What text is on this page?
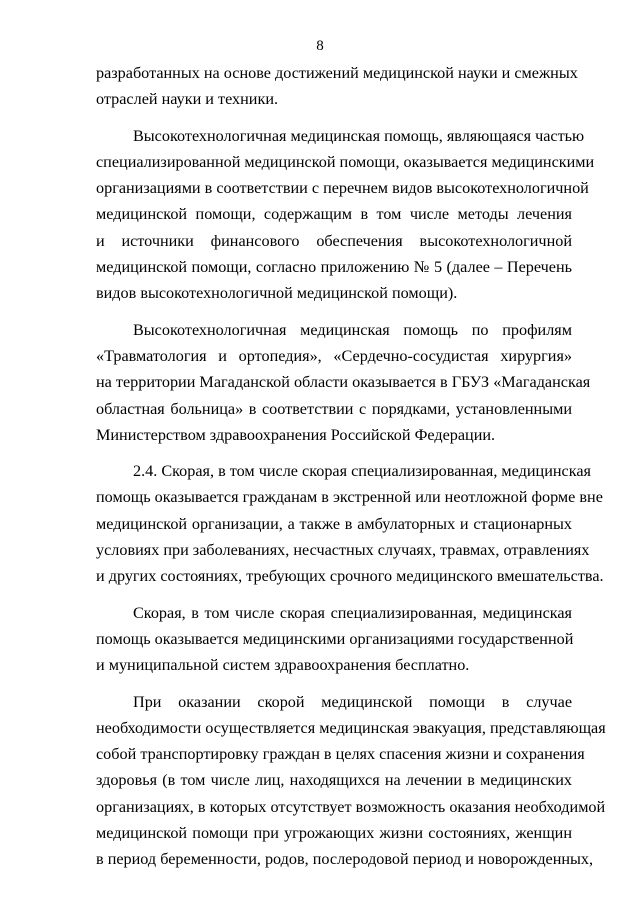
8
разработанных на основе достижений медицинской науки и смежных
отраслей науки и техники.
Высокотехнологичная медицинская помощь, являющаяся частью
специализированной медицинской помощи, оказывается медицинскими
организациями в соответствии с перечнем видов высокотехнологичной
медицинской помощи, содержащим в том числе методы лечения
и источники финансового обеспечения высокотехнологичной
медицинской помощи, согласно приложению № 5 (далее – Перечень
видов высокотехнологичной медицинской помощи).
Высокотехнологичная медицинская помощь по профилям
«Травматология и ортопедия», «Сердечно-сосудистая хирургия»
на территории Магаданской области оказывается в ГБУЗ «Магаданская
областная больница» в соответствии с порядками, установленными
Министерством здравоохранения Российской Федерации.
2.4. Скорая, в том числе скорая специализированная, медицинская
помощь оказывается гражданам в экстренной или неотложной форме вне
медицинской организации, а также в амбулаторных и стационарных
условиях при заболеваниях, несчастных случаях, травмах, отравлениях
и других состояниях, требующих срочного медицинского вмешательства.
Скорая, в том числе скорая специализированная, медицинская
помощь оказывается медицинскими организациями государственной
и муниципальной систем здравоохранения бесплатно.
При оказании скорой медицинской помощи в случае
необходимости осуществляется медицинская эвакуация, представляющая
собой транспортировку граждан в целях спасения жизни и сохранения
здоровья (в том числе лиц, находящихся на лечении в медицинских
организациях, в которых отсутствует возможность оказания необходимой
медицинской помощи при угрожающих жизни состояниях, женщин
в период беременности, родов, послеродовой период и новорожденных,
